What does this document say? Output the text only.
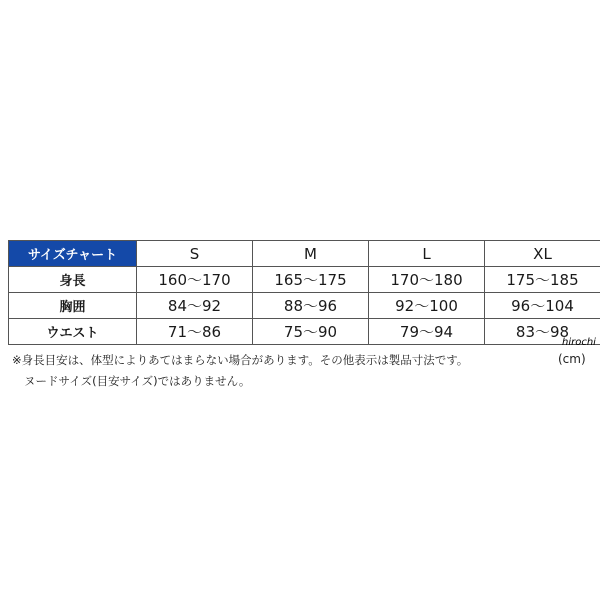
サイズチャート	S	M	L	XL
身長	160〜170	165〜175	170〜180	175〜185
胸囲	84〜92	88〜96	92〜100	96〜104
ウエスト	71〜86	75〜90	79〜94	83〜98
hirochi
※身長目安は、体型によりあてはまらない場合があります。その他表示は製品寸法です。	(cm)
ヌードサイズ(目安サイズ)ではありません。
